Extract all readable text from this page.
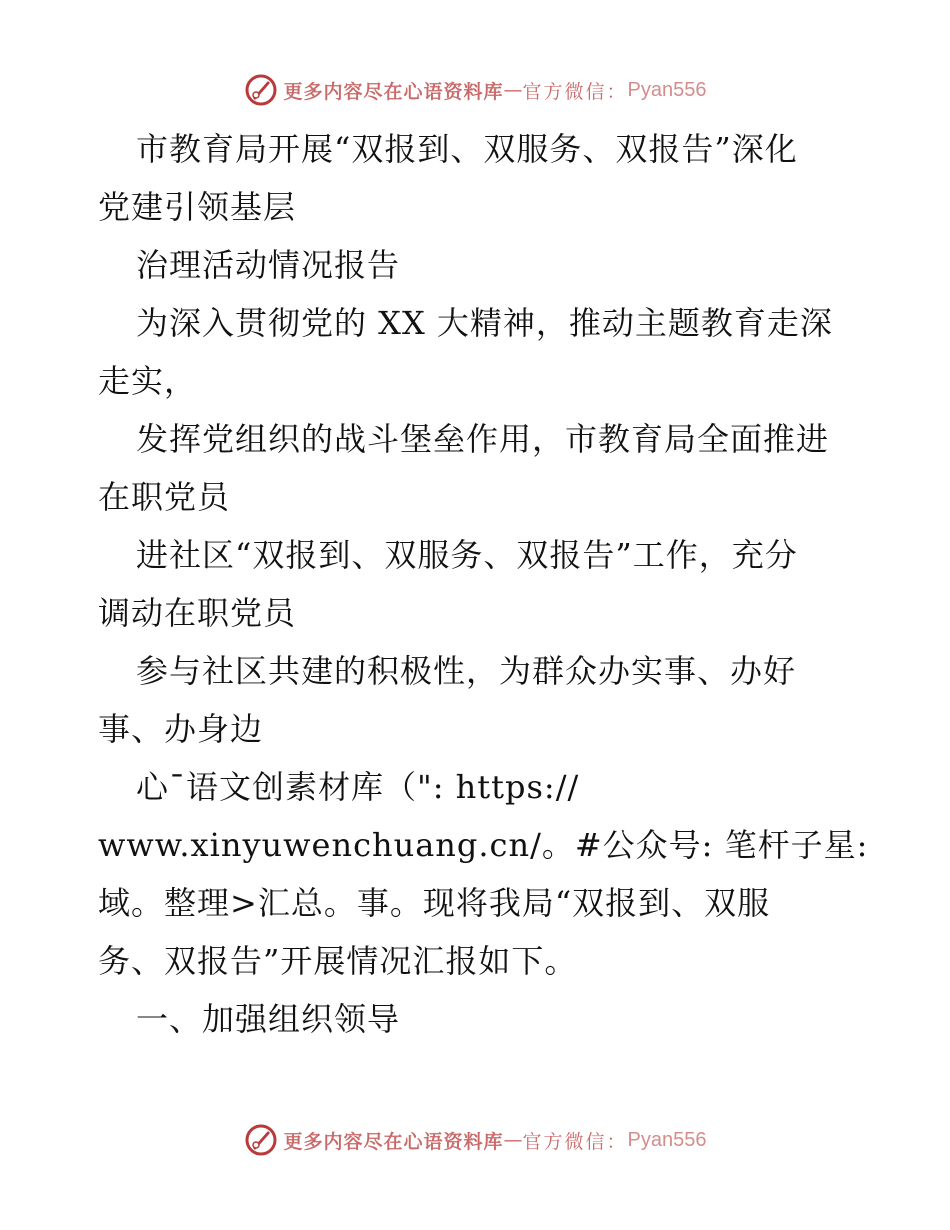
更多内容尽在心语资料库 — 官方微信： Pyan556
市教育局开展“双报到、双服务、双报告”深化
党建引领基层
治理活动情况报告
为深入贯彻党的 XX 大精神，推动主题教育走深
走实，
发挥党组织的战斗堡垒作用，市教育局全面推进
在职党员
进社区“双报到、双服务、双报告”工作，充分
调动在职党员
参与社区共建的积极性，为群众办实事、办好
事、办身边
心¯语文创素材库（": https://
www.xinyuwenchuang.cn/。#公众号: 笔杆子星:
域。整理>汇总。事。现将我局“双报到、双服
务、双报告”开展情况汇报如下。
一、加强组织领导
更多内容尽在心语资料库 — 官方微信： Pyan556
